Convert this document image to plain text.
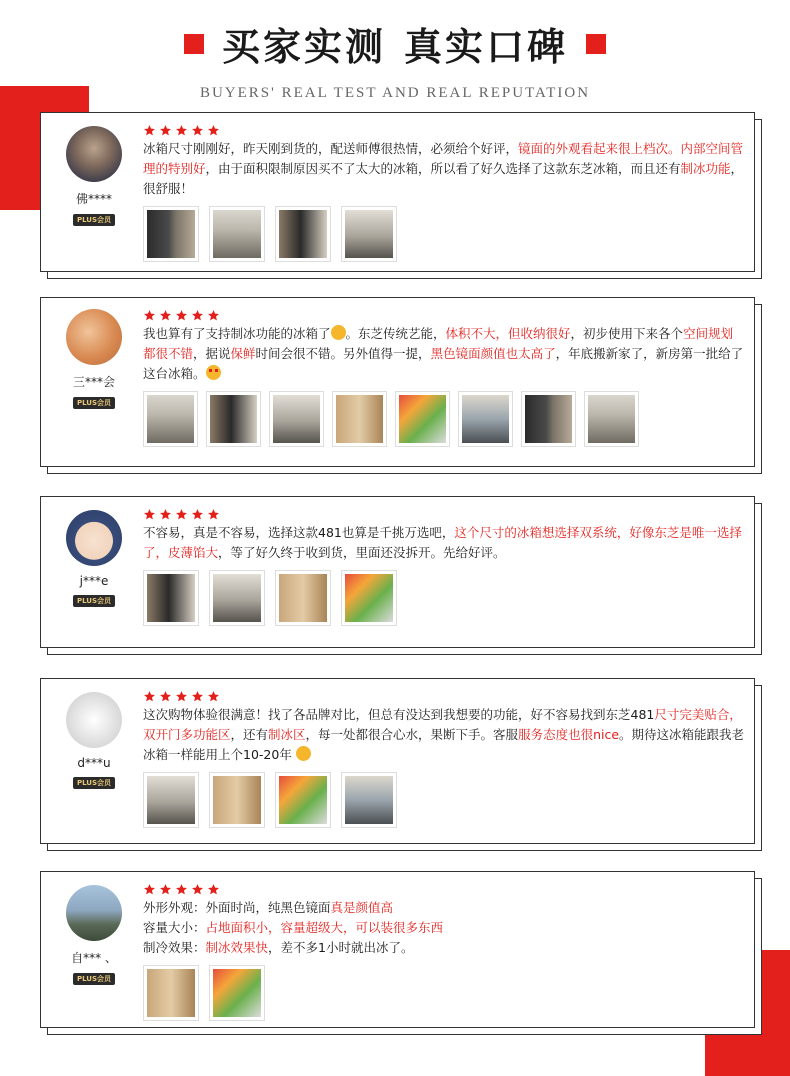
买家实测 真实口碑
BUYERS' REAL TEST AND REAL REPUTATION
佛****
PLUS会员
冰箱尺寸刚刚好，昨天刚到货的，配送师傅很热情，必须给个好评，镜面的外观看起来很上档次。内部空间管理的特别好，由于面积限制原因买不了太大的冰箱，所以看了好久选择了这款东芝冰箱，而且还有制冰功能，很舒服！
三***会
PLUS会员
我也算有了支持制冰功能的冰箱了 。东芝传统艺能，体积不大，但收纳很好，初步使用下来各个空间规划都很不错，据说保鲜时间会很不错。另外值得一提，黑色镜面颜值也太高了，年底搬新家了，新房第一批给了这台冰箱。
j***e
PLUS会员
不容易，真是不容易，选择这款481也算是千挑万选吧，这个尺寸的冰箱想选择双系统，好像东芝是唯一选择了，皮薄馅大，等了好久终于收到货，里面还没拆开。先给好评。
d***u
PLUS会员
这次购物体验很满意！找了各品牌对比，但总有没达到我想要的功能，好不容易找到东芝481尺寸完美贴合，双开门多功能区，还有制冰区，每一处都很合心水，果断下手。客服服务态度也很nice。期待这冰箱能跟我老冰箱一样能用上个10-20年
自*** 、
PLUS会员
外形外观：外面时尚，纯黑色镜面真是颜值高
容量大小：占地面积小，容量超级大，可以装很多东西
制冷效果：制冰效果快，差不多1小时就出冰了。
